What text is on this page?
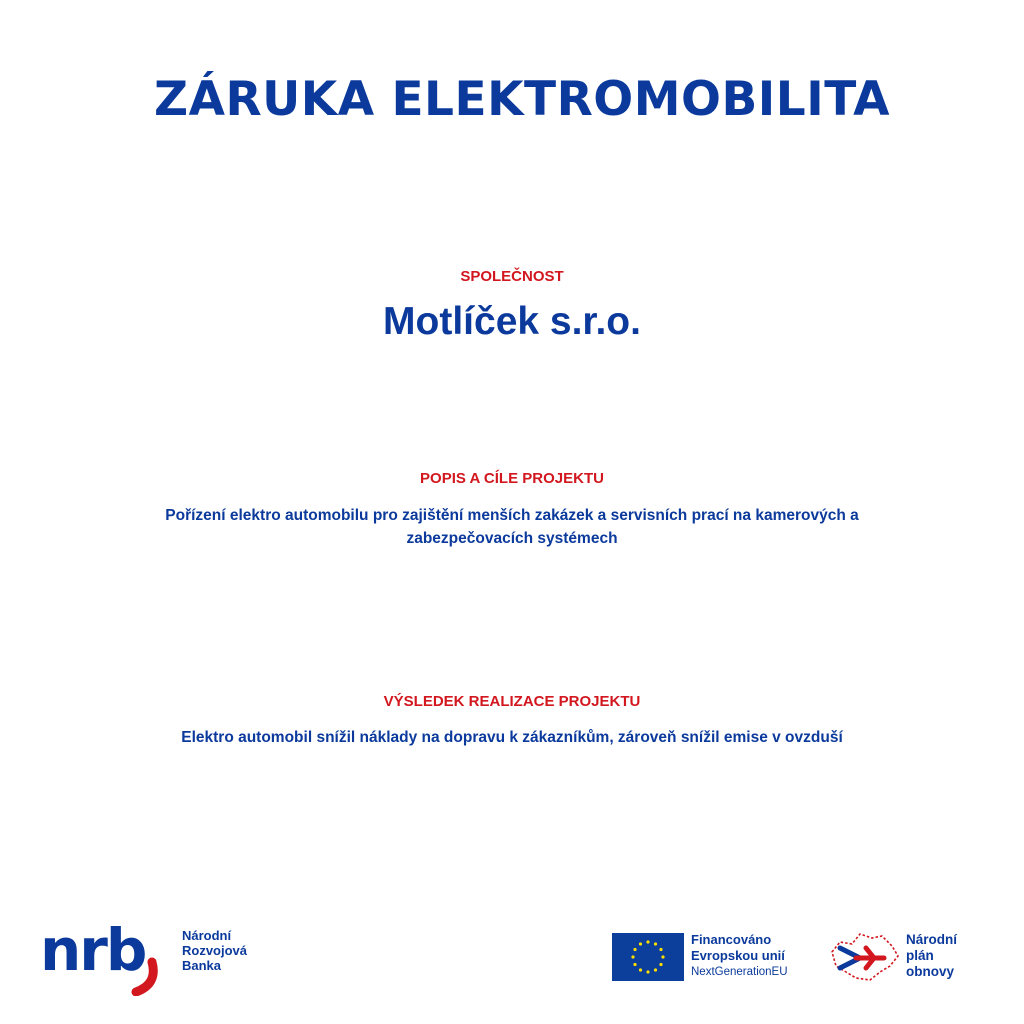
ZÁRUKA ELEKTROMOBILITA
SPOLEČNOST
Motlíček s.r.o.
POPIS A CÍLE PROJEKTU
Pořízení elektro automobilu pro zajištění menších zakázek a servisních prací na kamerových a
zabezpečovacích systémech
VÝSLEDEK REALIZACE PROJEKTU
Elektro automobil snížil náklady na dopravu k zákazníkům, zároveň snížil emise v ovzduší
nrb	Národní
Rozvojová
Banka
Financováno
Evropskou unií
NextGenerationEU
Národní
plán
obnovy
